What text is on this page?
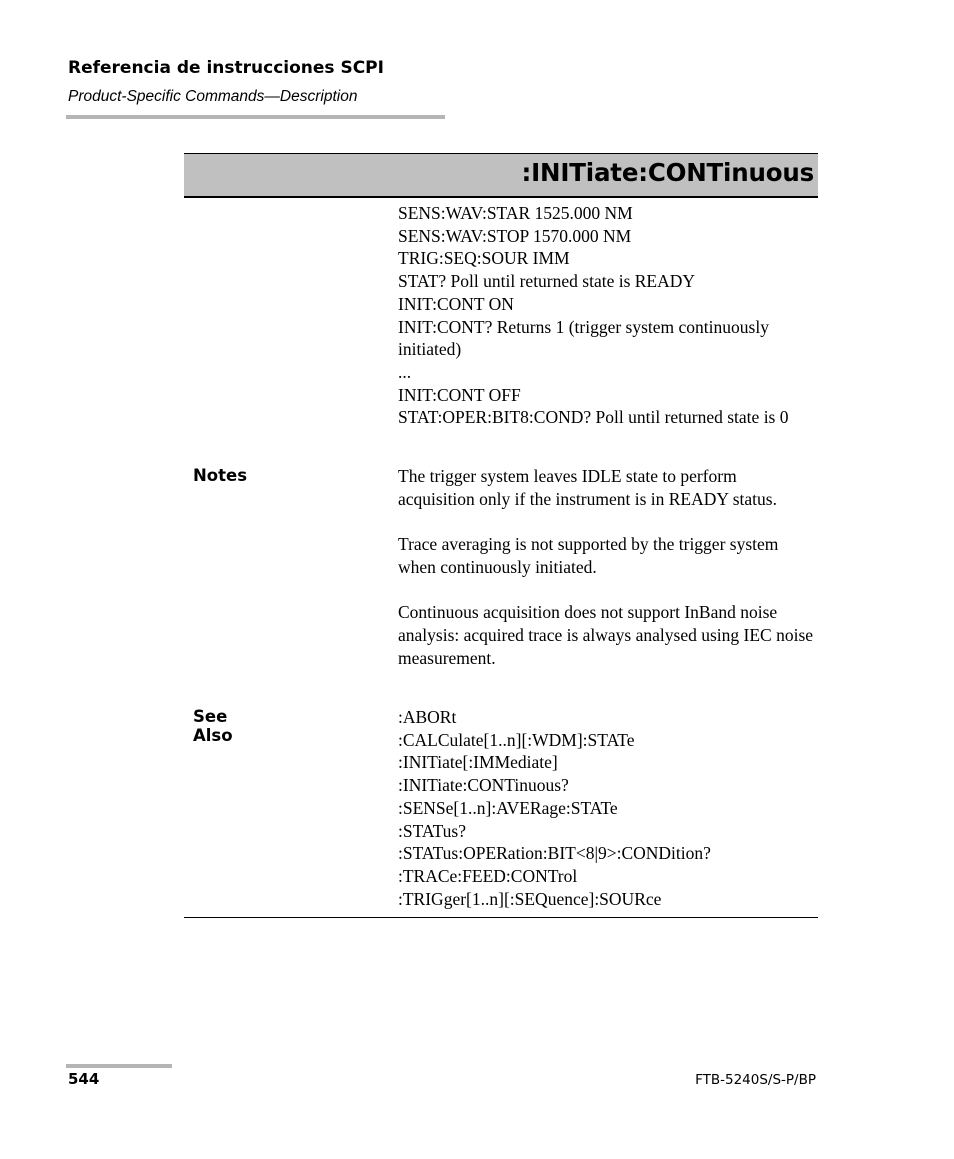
Referencia de instrucciones SCPI
Product-Specific Commands—Description
:INITiate:CONTinuous
SENS:WAV:STAR 1525.000 NM
SENS:WAV:STOP 1570.000 NM
TRIG:SEQ:SOUR IMM
STAT? Poll until returned state is READY
INIT:CONT ON
INIT:CONT? Returns 1 (trigger system continuously initiated)
...
INIT:CONT OFF
STAT:OPER:BIT8:COND? Poll until returned state is 0
Notes	The trigger system leaves IDLE state to perform acquisition only if the instrument is in READY status.

Trace averaging is not supported by the trigger system when continuously initiated.

Continuous acquisition does not support InBand noise analysis: acquired trace is always analysed using IEC noise measurement.

See Also
:ABORt
:CALCulate[1..n][:WDM]:STATe
:INITiate[:IMMediate]
:INITiate:CONTinuous?
:SENSe[1..n]:AVERage:STATe
:STATus?
:STATus:OPERation:BIT<8|9>:CONDition?
:TRACe:FEED:CONTrol
:TRIGger[1..n][:SEQuence]:SOURce
544	FTB-5240S/S-P/BP
